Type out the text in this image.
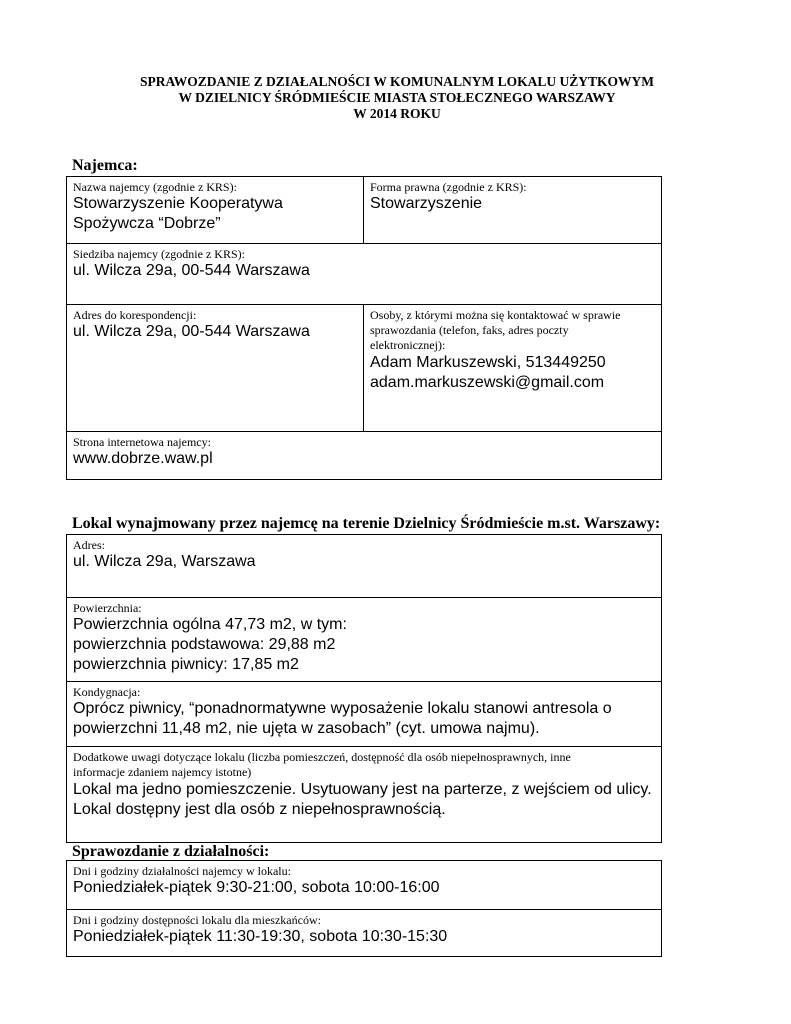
SPRAWOZDANIE Z DZIAŁALNOŚCI W KOMUNALNYM LOKALU UŻYTKOWYM
W DZIELNICY ŚRÓDMIEŚCIE MIASTA STOŁECZNEGO WARSZAWY
W 2014 ROKU
Najemca:
Nazwa najemcy (zgodnie z KRS):
Stowarzyszenie Kooperatywa
Spożywcza “Dobrze”
Forma prawna (zgodnie z KRS):
Stowarzyszenie
Siedziba najemcy (zgodnie z KRS):
ul. Wilcza 29a, 00-544 Warszawa
Adres do korespondencji:
ul. Wilcza 29a, 00-544 Warszawa
Osoby, z którymi można się kontaktować w sprawie
sprawozdania (telefon, faks, adres poczty
elektronicznej):
Adam Markuszewski, 513449250
adam.markuszewski@gmail.com
Strona internetowa najemcy:
www.dobrze.waw.pl
Lokal wynajmowany przez najemcę na terenie Dzielnicy Śródmieście m.st. Warszawy:
Adres:
ul. Wilcza 29a, Warszawa
Powierzchnia:
Powierzchnia ogólna 47,73 m2, w tym:
powierzchnia podstawowa: 29,88 m2
powierzchnia piwnicy: 17,85 m2
Kondygnacja:
Oprócz piwnicy, “ponadnormatywne wyposażenie lokalu stanowi antresola o
powierzchni 11,48 m2, nie ujęta w zasobach” (cyt. umowa najmu).
Dodatkowe uwagi dotyczące lokalu (liczba pomieszczeń, dostępność dla osób niepełnosprawnych, inne
informacje zdaniem najemcy istotne)
Lokal ma jedno pomieszczenie. Usytuowany jest na parterze, z wejściem od ulicy.
Lokal dostępny jest dla osób z niepełnosprawnością.
Sprawozdanie z działalności:
Dni i godziny działalności najemcy w lokalu:
Poniedziałek-piątek 9:30-21:00, sobota 10:00-16:00
Dni i godziny dostępności lokalu dla mieszkańców:
Poniedziałek-piątek 11:30-19:30, sobota 10:30-15:30
